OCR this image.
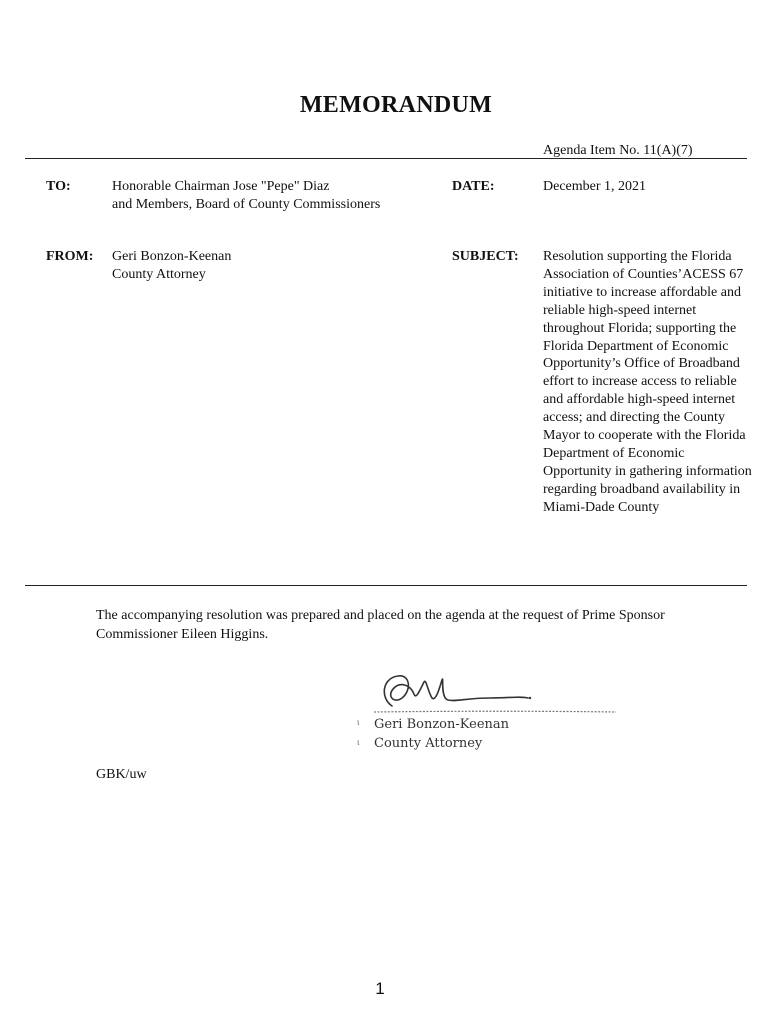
MEMORANDUM
Agenda Item No. 11(A)(7)
TO:	Honorable Chairman Jose "Pepe" Diaz
and Members, Board of County Commissioners
DATE:	December 1, 2021
FROM: Geri Bonzon-Keenan
County Attorney
SUBJECT: Resolution supporting the Florida Association of Counties’ACESS 67 initiative to increase affordable and reliable high-speed internet throughout Florida; supporting the Florida Department of Economic Opportunity’s Office of Broadband effort to increase access to reliable and affordable high-speed internet access; and directing the County Mayor to cooperate with the Florida Department of Economic Opportunity in gathering information regarding broadband availability in Miami-Dade County
The accompanying resolution was prepared and placed on the agenda at the request of Prime Sponsor Commissioner Eileen Higgins.
ι
ι
Geri Bonzon-Keenan
County Attorney
GBK/uw
1
